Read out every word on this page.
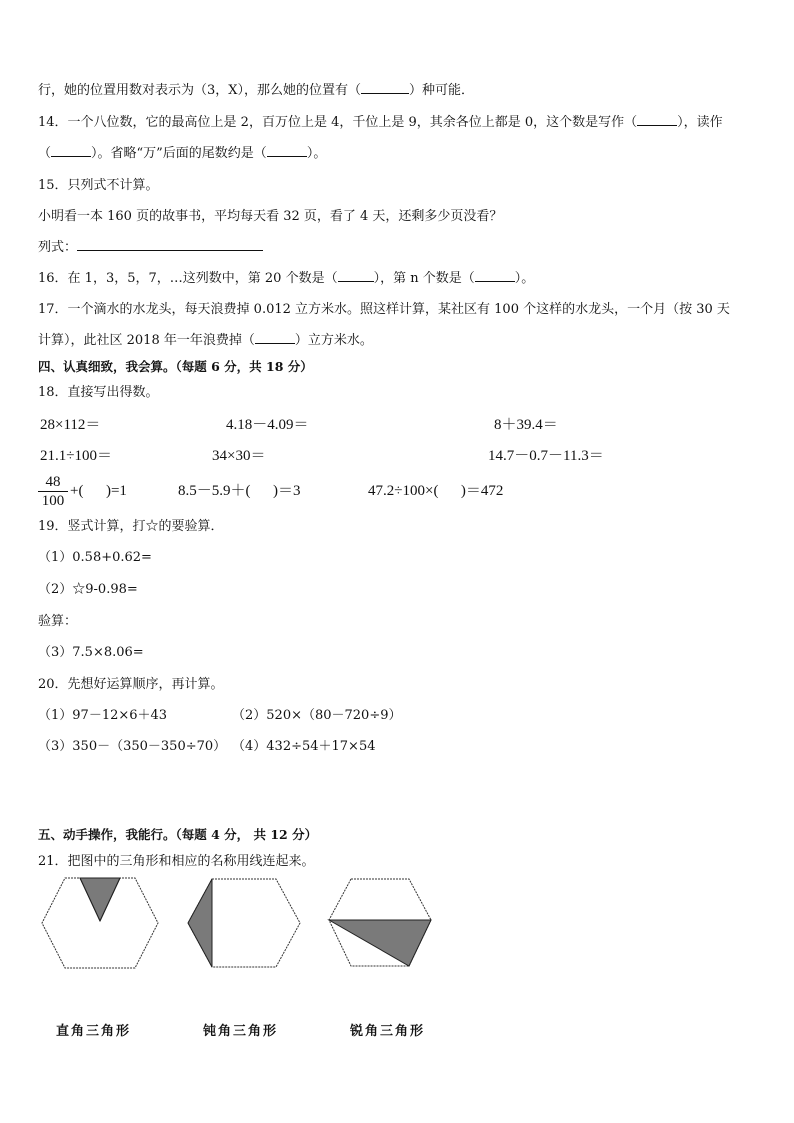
行，她的位置用数对表示为（3，X），那么她的位置有（	）种可能．
14．一个八位数，它的最高位上是 2，百万位上是 4，千位上是 9，其余各位上都是 0，这个数是写作（	），读作
（	）。省略“万”后面的尾数约是（	）。
15．只列式不计算。
小明看一本 160 页的故事书，平均每天看 32 页，看了 4 天，还剩多少页没看？
列式：
16．在 1，3，5，7，…这列数中，第 20 个数是（	），第 n 个数是（	）。
17．一个滴水的水龙头，每天浪费掉 0.012 立方米水。照这样计算，某社区有 100 个这样的水龙头，一个月（按 30 天
计算），此社区 2018 年一年浪费掉（	）立方米水。
四、认真细致，我会算。（每题 6 分，共 18 分）
18．直接写出得数。
28×112＝	4.18－4.09＝	8＋39.4＝
21.1÷100＝	34×30＝	14.7－0.7－11.3＝
$\frac{48}{100}$ +(      )=1	8.5－5.9＋(      )＝3	47.2÷100×(      )＝472
19．竖式计算，打☆的要验算．
（1）0.58+0.62=
（2）☆9-0.98=
验算：
（3）7.5×8.06=
20．先想好运算顺序，再计算。
（1）97－12×6＋43	（2）520×（80－720÷9）
（3）350－（350－350÷70） （4）432÷54＋17×54
五、动手操作，我能行。（每题 4 分， 共 12 分）
21．把图中的三角形和相应的名称用线连起来。
直角三角形	钝角三角形	锐角三角形
